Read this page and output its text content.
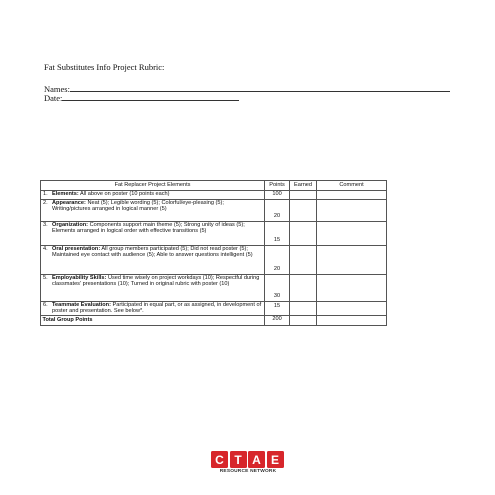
Fat Substitutes Info Project Rubric:
Names:
Date:
Fat Replacer Project Elements		Points	Earned	Comment
1.	Elements: All above on poster (10 points each)	100		
2.	Appearance: Neat (5); Legible wording (5); Colorful/eye-pleasing (5); Writing/pictures arranged in logical manner (5)	20		
3.	Organization: Components support main theme (5); Strong unity of ideas (5); Elements arranged in logical order with effective transitions (5)	15		
4.	Oral presentation: All group members participated (5); Did not read poster (5); Maintained eye contact with audience (5); Able to answer questions intelligent (5)	20		
5.	Employability Skills: Used time wisely on project workdays (10); Respectful during classmates' presentations (10); Turned in original rubric with poster (10)	30		
6.	Teammate Evaluation: Participated in equal part, or as assigned, in development of poster and presentation. See below*.	15		
Total Group Points		200		
C T A E
RESOURCE NETWORK
